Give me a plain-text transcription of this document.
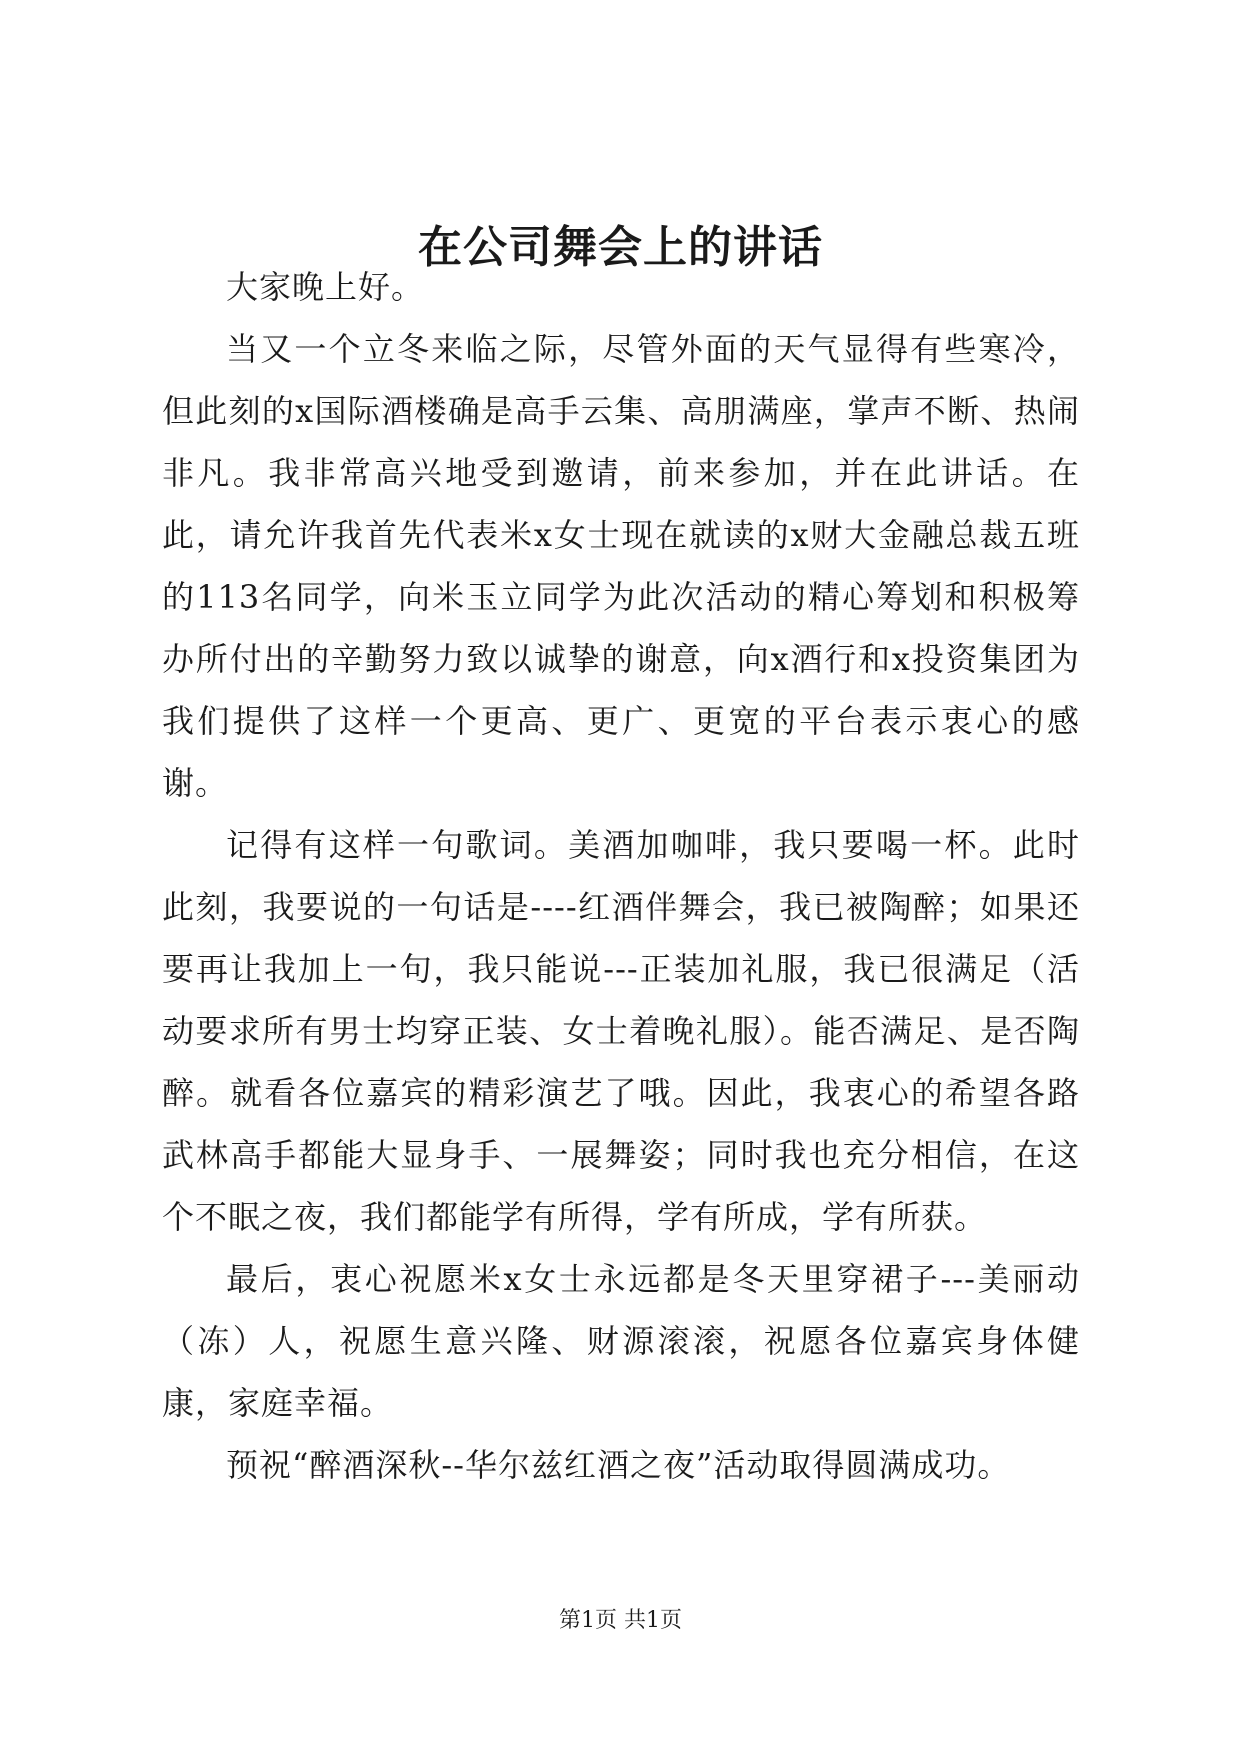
在公司舞会上的讲话

大家晚上好。

当又一个立冬来临之际，尽管外面的天气显得有些寒冷，但此刻的x国际酒楼确是高手云集、高朋满座，掌声不断、热闹非凡。我非常高兴地受到邀请，前来参加，并在此讲话。在此，请允许我首先代表米x女士现在就读的x财大金融总裁五班的113名同学，向米玉立同学为此次活动的精心筹划和积极筹办所付出的辛勤努力致以诚挚的谢意，向x酒行和x投资集团为我们提供了这样一个更高、更广、更宽的平台表示衷心的感谢。

记得有这样一句歌词。美酒加咖啡，我只要喝一杯。此时此刻，我要说的一句话是----红酒伴舞会，我已被陶醉；如果还要再让我加上一句，我只能说---正装加礼服，我已很满足（活动要求所有男士均穿正装、女士着晚礼服）。能否满足、是否陶醉。就看各位嘉宾的精彩演艺了哦。因此，我衷心的希望各路武林高手都能大显身手、一展舞姿；同时我也充分相信，在这个不眠之夜，我们都能学有所得，学有所成，学有所获。

最后，衷心祝愿米x女士永远都是冬天里穿裙子---美丽动（冻）人，祝愿生意兴隆、财源滚滚，祝愿各位嘉宾身体健康，家庭幸福。

预祝“醉酒深秋--华尔兹红酒之夜”活动取得圆满成功。

第1页 共1页
